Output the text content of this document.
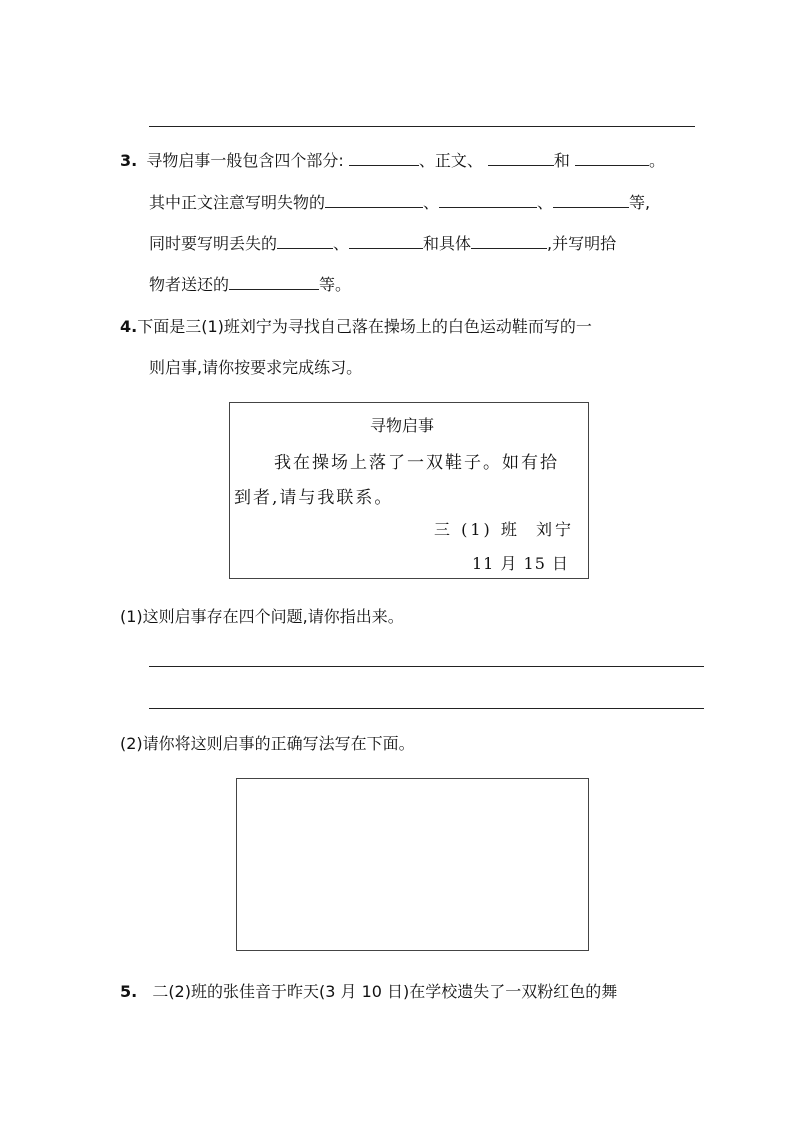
3. 寻物启事一般包含四个部分:	、正文、	和	。
其中正文注意写明失物的	、	、	等,
同时要写明丢失的	、	和具体	,并写明拾
物者送还的	等。
4.下面是三(1)班刘宁为寻找自己落在操场上的白色运动鞋而写的一
则启事,请你按要求完成练习。
寻物启事
我在操场上落了一双鞋子。如有拾
到者,请与我联系。
三 (1) 班  刘宁
11 月 15 日
(1)这则启事存在四个问题,请你指出来。
(2)请你将这则启事的正确写法写在下面。
5. 二(2)班的张佳音于昨天(3 月 10 日)在学校遗失了一双粉红色的舞
